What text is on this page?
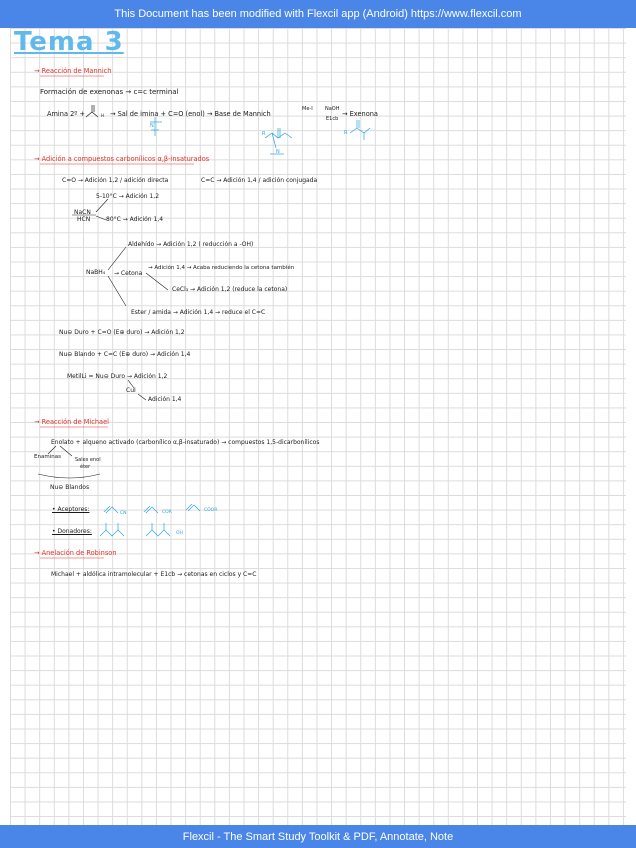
This Document has been modified with Flexcil app (Android) https://www.flexcil.com
Tema 3
→ Reacción de Mannich
Formación de exenonas → c=c terminal
Amina 2º +	H → Sal de imina + C=O (enol) → Base de Mannich
Me-I NaOH
E1cb
→ Exenona
N
R
N
R
→ Adición a compuestos carbonílicos α,β-insaturados
C=O → Adición 1,2 / adición directa	C=C → Adición 1,4 / adición conjugada
NaCN
HCN
5-10°C → Adición 1,2
80°C → Adición 1,4
NaBH₄
Aldehído → Adición 1,2 ( reducción a -OH)
→ Cetona
→ Adición 1,4 → Acaba reduciendo la cetona también
CeCl₃ → Adición 1,2 (reduce la cetona)
Ester / amida → Adición 1,4 → reduce el C=C
Nu⊖ Duro + C=O (E⊕ duro) → Adición 1,2
Nu⊖ Blando + C=C (E⊕ duro) → Adición 1,4
MetilLi = Nu⊖ Duro → Adición 1,2
CuI
Adición 1,4
→ Reacción de Michael
Enolato + alqueno activado (carbonílico α,β-insaturado) → compuestos 1,5-dicarbonílicos
Enaminas	Sales enol
éter
Nu⊖ Blandos
• Aceptores:
CN	COR	COOR
• Donadores:	OH
→ Anelación de Robinson
Michael + aldólica intramolecular + E1cb → cetonas en ciclos y C=C
Flexcil - The Smart Study Toolkit & PDF, Annotate, Note
